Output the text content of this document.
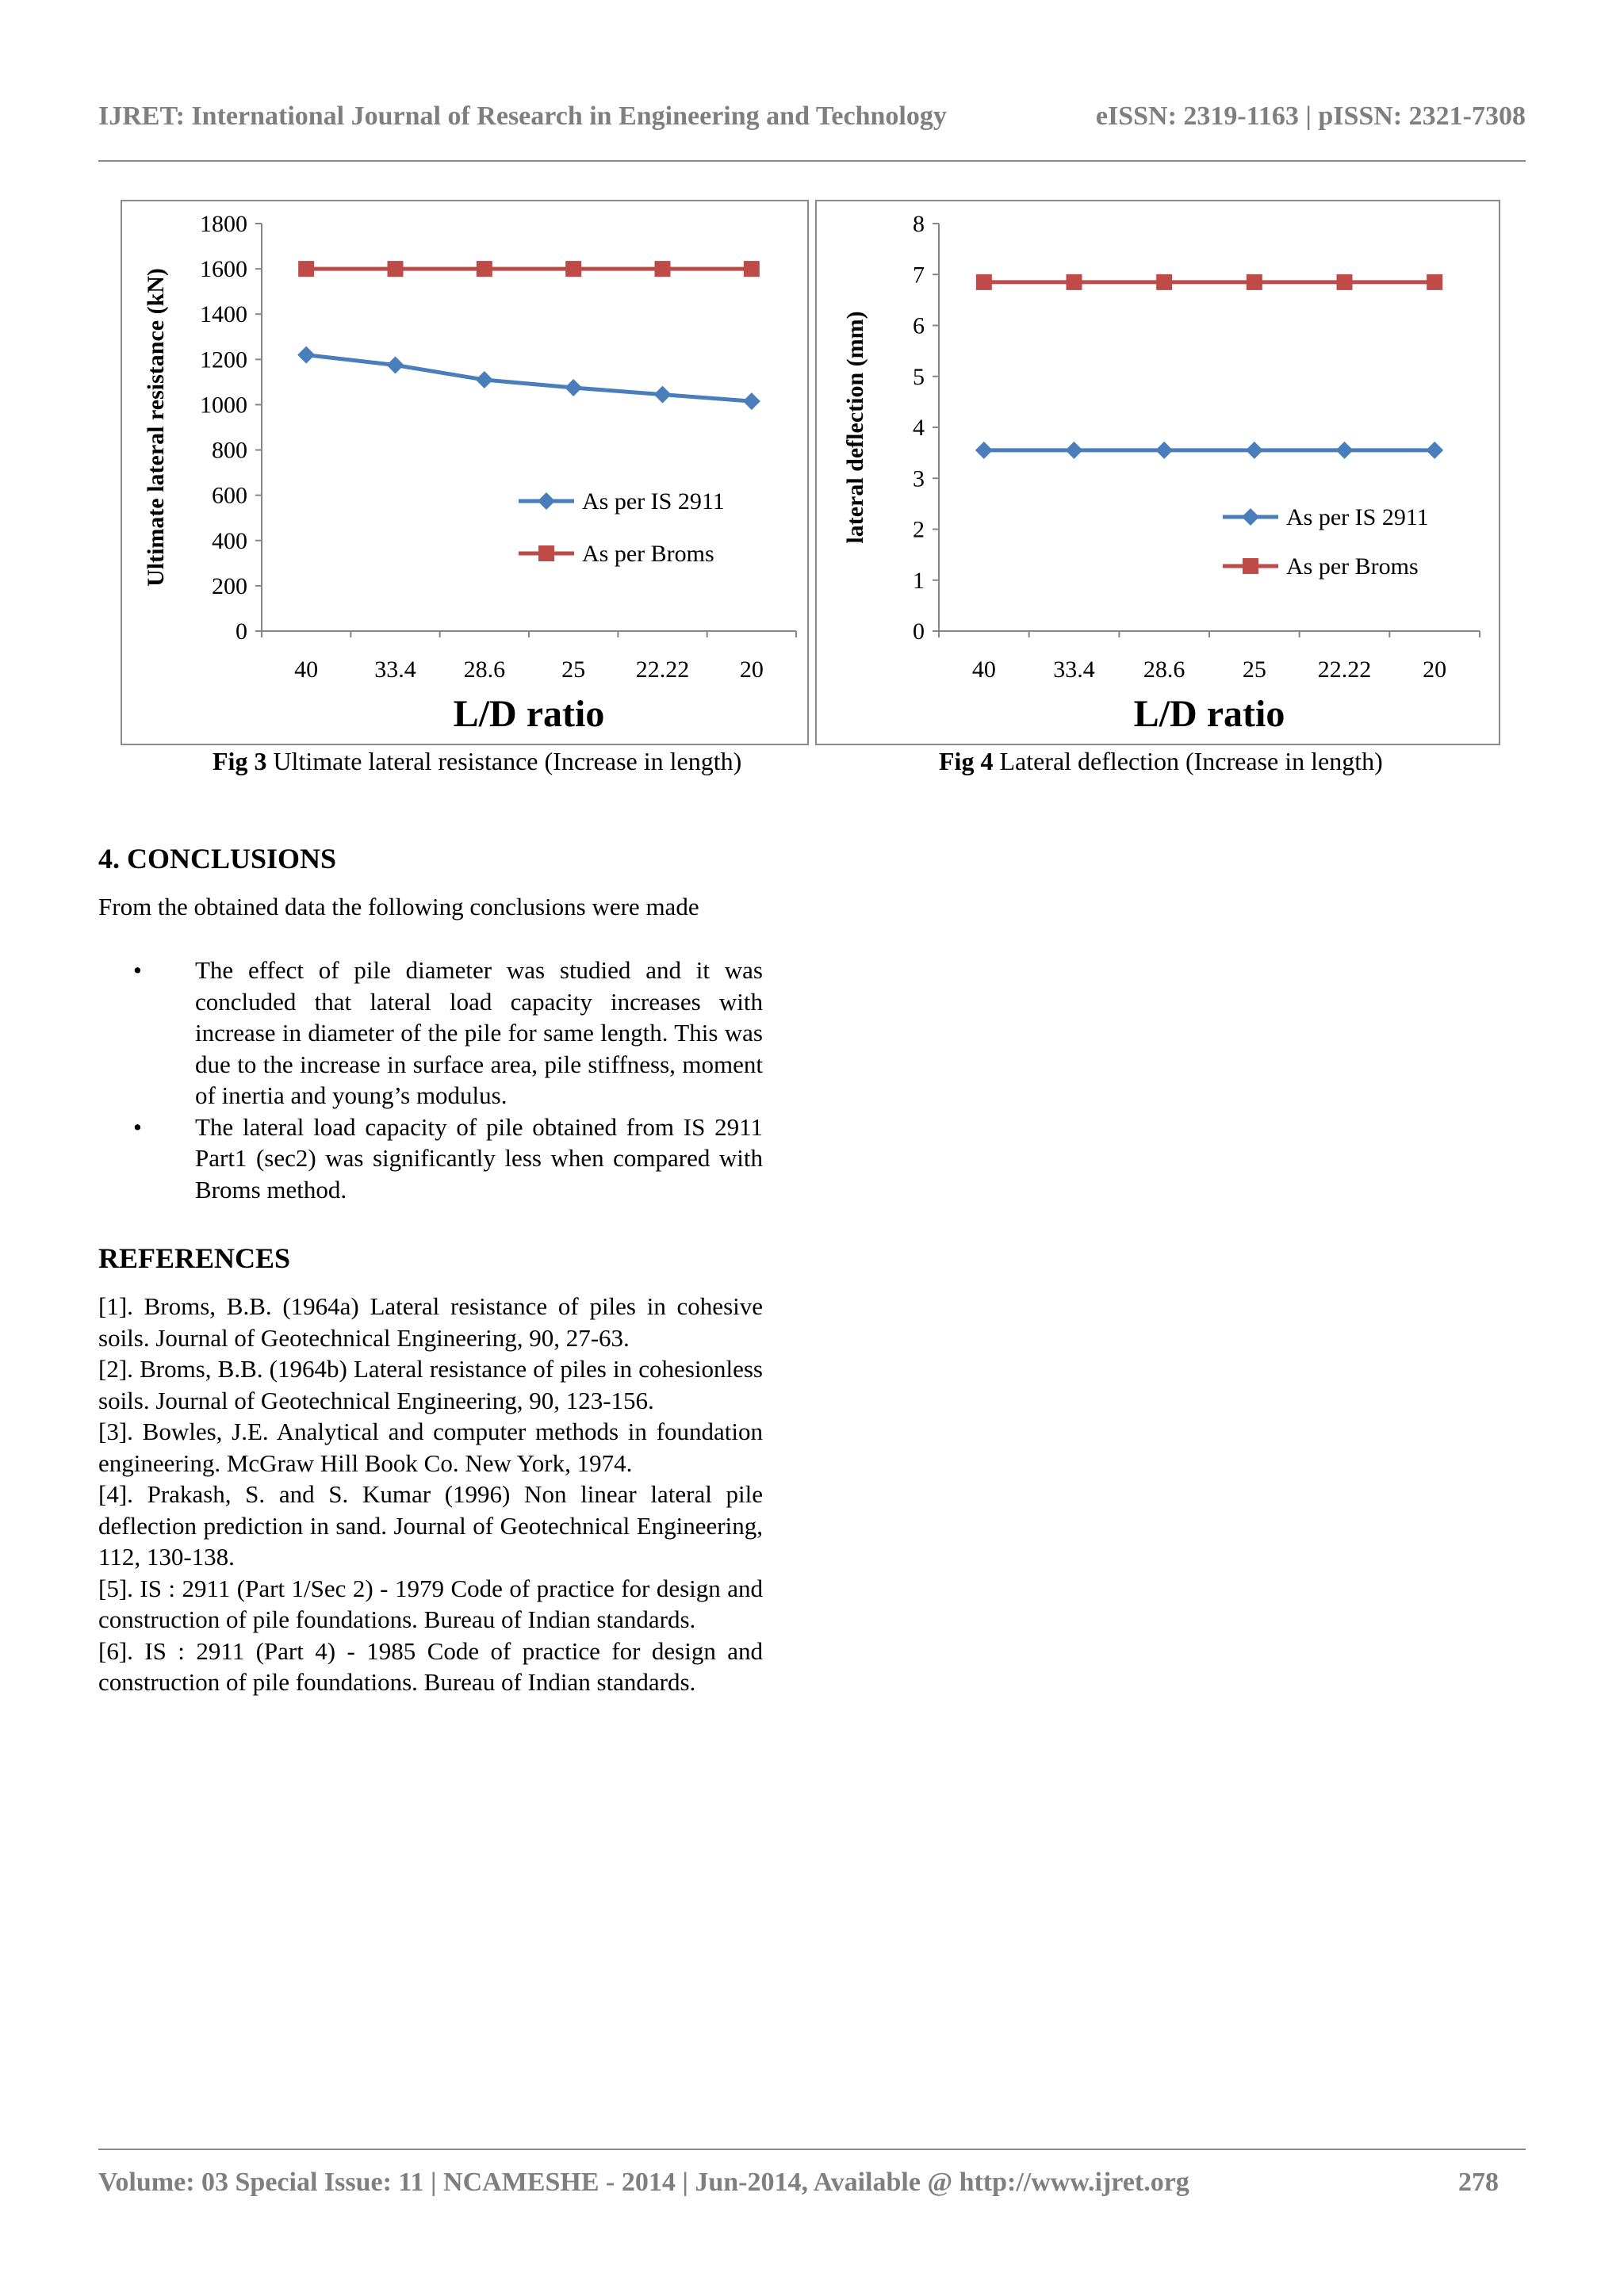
IJRET: International Journal of Research in Engineering and Technology	eISSN: 2319-1163 | pISSN: 2321-7308
0
200
400
600
800
1000
1200
1400
1600
1800
40 33.4 28.6 25 22.22 20
Ultimate lateral resistance (kN)
L/D ratio
As per IS 2911
As per Broms
Fig 3 Ultimate lateral resistance (Increase in length)
0
1
2
3
4
5
6
7
8
40 33.4 28.6 25 22.22 20
lateral deflection (mm)
L/D ratio
As per IS 2911
As per Broms
Fig 4 Lateral deflection (Increase in length)
4. CONCLUSIONS
From the obtained data the following conclusions were made
• The effect of pile diameter was studied and it was concluded that lateral load capacity increases with increase in diameter of the pile for same length. This was due to the increase in surface area, pile stiffness, moment of inertia and young’s modulus.
• The lateral load capacity of pile obtained from IS 2911 Part1 (sec2) was significantly less when compared with Broms method.
REFERENCES
[1]. Broms, B.B. (1964a) Lateral resistance of piles in cohesive soils. Journal of Geotechnical Engineering, 90, 27-63.
[2]. Broms, B.B. (1964b) Lateral resistance of piles in cohesionless soils. Journal of Geotechnical Engineering, 90, 123-156.
[3]. Bowles, J.E. Analytical and computer methods in foundation engineering. McGraw Hill Book Co. New York, 1974.
[4]. Prakash, S. and S. Kumar (1996) Non linear lateral pile deflection prediction in sand. Journal of Geotechnical Engineering, 112, 130-138.
[5]. IS : 2911 (Part 1/Sec 2) - 1979 Code of practice for design and construction of pile foundations. Bureau of Indian standards.
[6]. IS : 2911 (Part 4) - 1985 Code of practice for design and construction of pile foundations. Bureau of Indian standards.
Volume: 03 Special Issue: 11 | NCAMESHE - 2014 | Jun-2014, Available @ http://www.ijret.org	278
